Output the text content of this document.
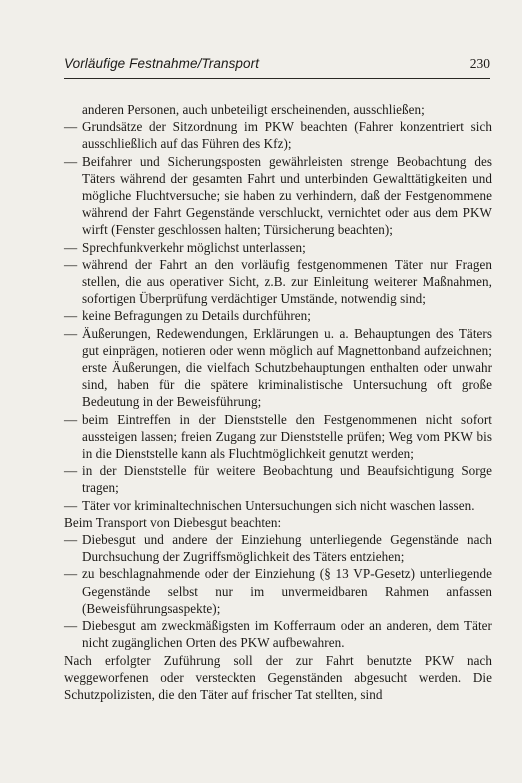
Vorläufige Festnahme/Transport	230

anderen Personen, auch unbeteiligt erscheinenden, ausschließen;

— Grundsätze der Sitzordnung im PKW beachten (Fahrer konzentriert sich ausschließlich auf das Führen des Kfz);

— Beifahrer und Sicherungsposten gewährleisten strenge Beobachtung des Täters während der gesamten Fahrt und unterbinden Gewalttätigkeiten und mögliche Fluchtversuche; sie haben zu verhindern, daß der Festgenommene während der Fahrt Gegenstände verschluckt, vernichtet oder aus dem PKW wirft (Fenster geschlossen halten; Türsicherung beachten);

— Sprechfunkverkehr möglichst unterlassen;

— während der Fahrt an den vorläufig festgenommenen Täter nur Fragen stellen, die aus operativer Sicht, z.B. zur Einleitung weiterer Maßnahmen, sofortigen Überprüfung verdächtiger Umstände, notwendig sind;

— keine Befragungen zu Details durchführen;

— Äußerungen, Redewendungen, Erklärungen u. a. Behauptungen des Täters gut einprägen, notieren oder wenn möglich auf Magnettonband aufzeichnen; erste Äußerungen, die vielfach Schutzbehauptungen enthalten oder unwahr sind, haben für die spätere kriminalistische Untersuchung oft große Bedeutung in der Beweisführung;

— beim Eintreffen in der Dienststelle den Festgenommenen nicht sofort aussteigen lassen; freien Zugang zur Dienststelle prüfen; Weg vom PKW bis in die Dienststelle kann als Fluchtmöglichkeit genutzt werden;

— in der Dienststelle für weitere Beobachtung und Beaufsichtigung Sorge tragen;

— Täter vor kriminaltechnischen Untersuchungen sich nicht waschen lassen.

Beim Transport von Diebesgut beachten:

— Diebesgut und andere der Einziehung unterliegende Gegenstände nach Durchsuchung der Zugriffsmöglichkeit des Täters entziehen;

— zu beschlagnahmende oder der Einziehung (§ 13 VP-Gesetz) unterliegende Gegenstände selbst nur im unvermeidbaren Rahmen anfassen (Beweisführungsaspekte);

— Diebesgut am zweckmäßigsten im Kofferraum oder an anderen, dem Täter nicht zugänglichen Orten des PKW aufbewahren.

Nach erfolgter Zuführung soll der zur Fahrt benutzte PKW nach weggeworfenen oder versteckten Gegenständen abgesucht werden. Die Schutzpolizisten, die den Täter auf frischer Tat stellten, sind
